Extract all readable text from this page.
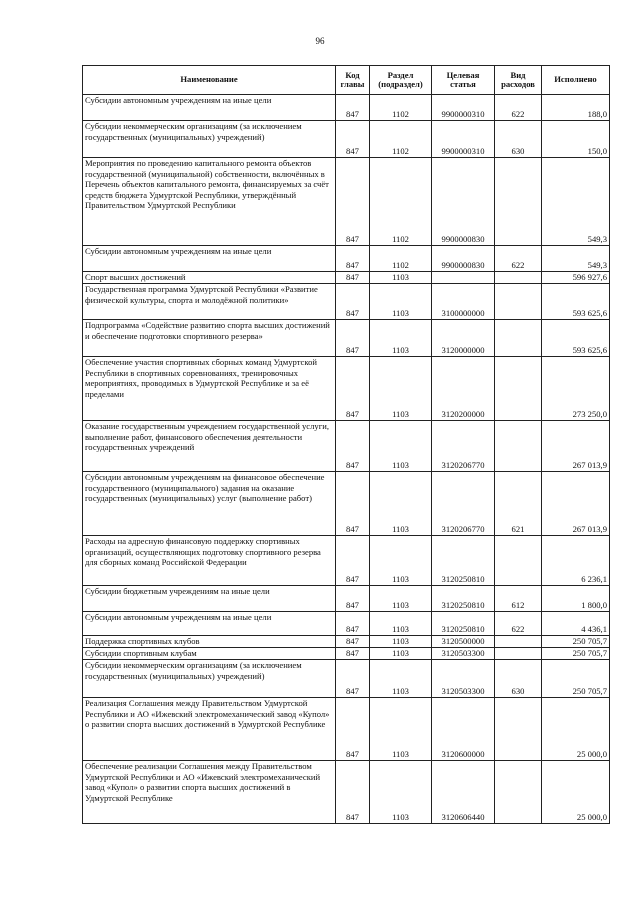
96
Наименование	Код главы	Раздел (подраздел)	Целевая статья	Вид расходов	Исполнено
Субсидии автономным учреждениям на иные цели	847	1102	9900000310	622	188,0
Субсидии некоммерческим организациям (за исключением государственных (муниципальных) учреждений)	847	1102	9900000310	630	150,0
Мероприятия по проведению капитального ремонта объектов государственной (муниципальной) собственности, включённых в Перечень объектов капитального ремонта, финансируемых за счёт средств бюджета Удмуртской Республики, утверждённый Правительством Удмуртской Республики	847	1102	9900000830		549,3
Субсидии автономным учреждениям на иные цели	847	1102	9900000830	622	549,3
Спорт высших достижений	847	1103			596 927,6
Государственная программа Удмуртской Республики «Развитие физической культуры, спорта и молодёжной политики»	847	1103	3100000000		593 625,6
Подпрограмма «Содействие развитию спорта высших достижений и обеспечение подготовки спортивного резерва»	847	1103	3120000000		593 625,6
Обеспечение участия спортивных сборных команд Удмуртской Республики в спортивных соревнованиях, тренировочных мероприятиях, проводимых в Удмуртской Республике и за её пределами	847	1103	3120200000		273 250,0
Оказание государственным учреждением государственной услуги, выполнение работ, финансового обеспечения деятельности государственных учреждений	847	1103	3120206770		267 013,9
Субсидии автономным учреждениям на финансовое обеспечение государственного (муниципального) задания на оказание государственных (муниципальных) услуг (выполнение работ)	847	1103	3120206770	621	267 013,9
Расходы на адресную финансовую поддержку спортивных организаций, осуществляющих подготовку спортивного резерва для сборных команд Российской Федерации	847	1103	3120250810		6 236,1
Субсидии бюджетным учреждениям на иные цели	847	1103	3120250810	612	1 800,0
Субсидии автономным учреждениям на иные цели	847	1103	3120250810	622	4 436,1
Поддержка спортивных клубов	847	1103	3120500000		250 705,7
Субсидии спортивным клубам	847	1103	3120503300		250 705,7
Субсидии некоммерческим организациям (за исключением государственных (муниципальных) учреждений)	847	1103	3120503300	630	250 705,7
Реализация Соглашения между Правительством Удмуртской Республики и АО «Ижевский электромеханический завод «Купол» о развитии спорта высших достижений в Удмуртской Республике	847	1103	3120600000		25 000,0
Обеспечение реализации Соглашения между Правительством Удмуртской Республики и АО «Ижевский электромеханический завод «Купол» о развитии спорта высших достижений в Удмуртской Республике	847	1103	3120606440		25 000,0
